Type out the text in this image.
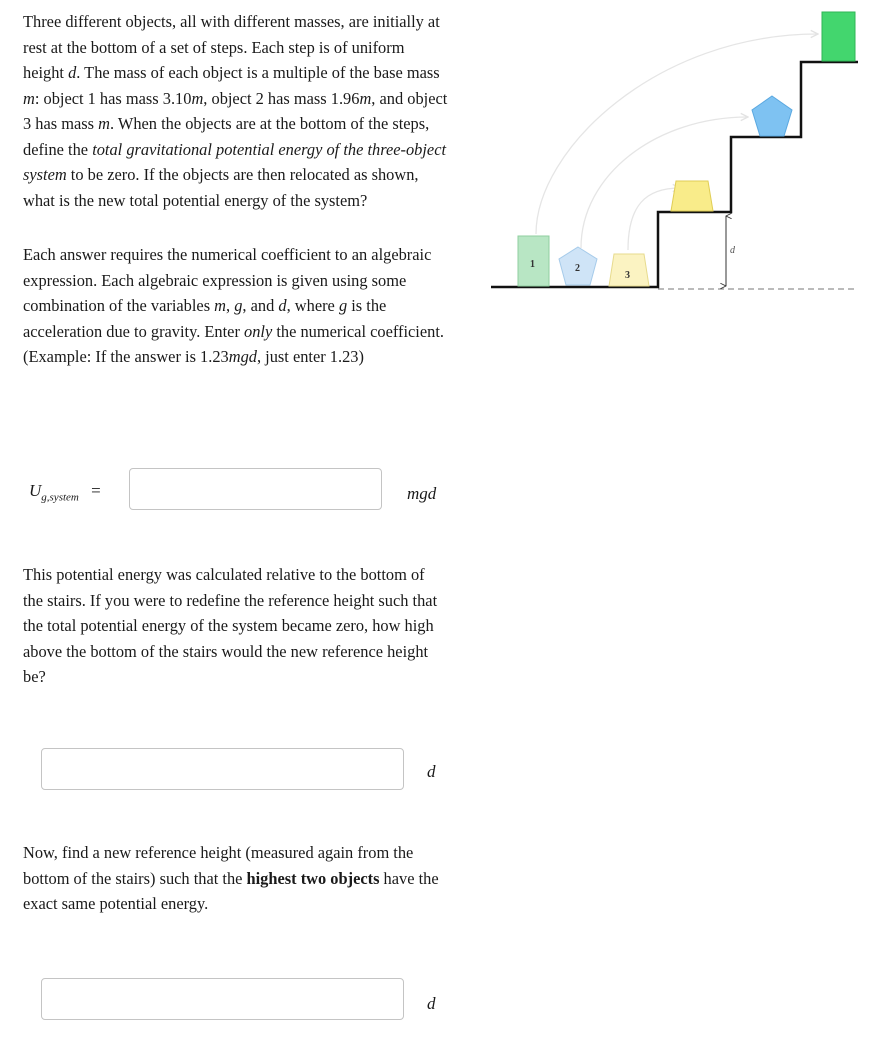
Three different objects, all with different masses, are initially at rest at the bottom of a set of steps. Each step is of uniform height d. The mass of each object is a multiple of the base mass m: object 1 has mass 3.10m, object 2 has mass 1.96m, and object 3 has mass m. When the objects are at the bottom of the steps, define the total gravitational potential energy of the three-object system to be zero. If the objects are then relocated as shown, what is the new total potential energy of the system?

Each answer requires the numerical coefficient to an algebraic expression. Each algebraic expression is given using some combination of the variables m, g, and d, where g is the acceleration due to gravity. Enter only the numerical coefficient. (Example: If the answer is 1.23mgd, just enter 1.23)

$U_{g,system}$ =	mgd

This potential energy was calculated relative to the bottom of the stairs. If you were to redefine the reference height such that the total potential energy of the system became zero, how high above the bottom of the stairs would the new reference height be?

d

Now, find a new reference height (measured again from the bottom of the stairs) such that the highest two objects have the exact same potential energy.

d
d
1	2
3
